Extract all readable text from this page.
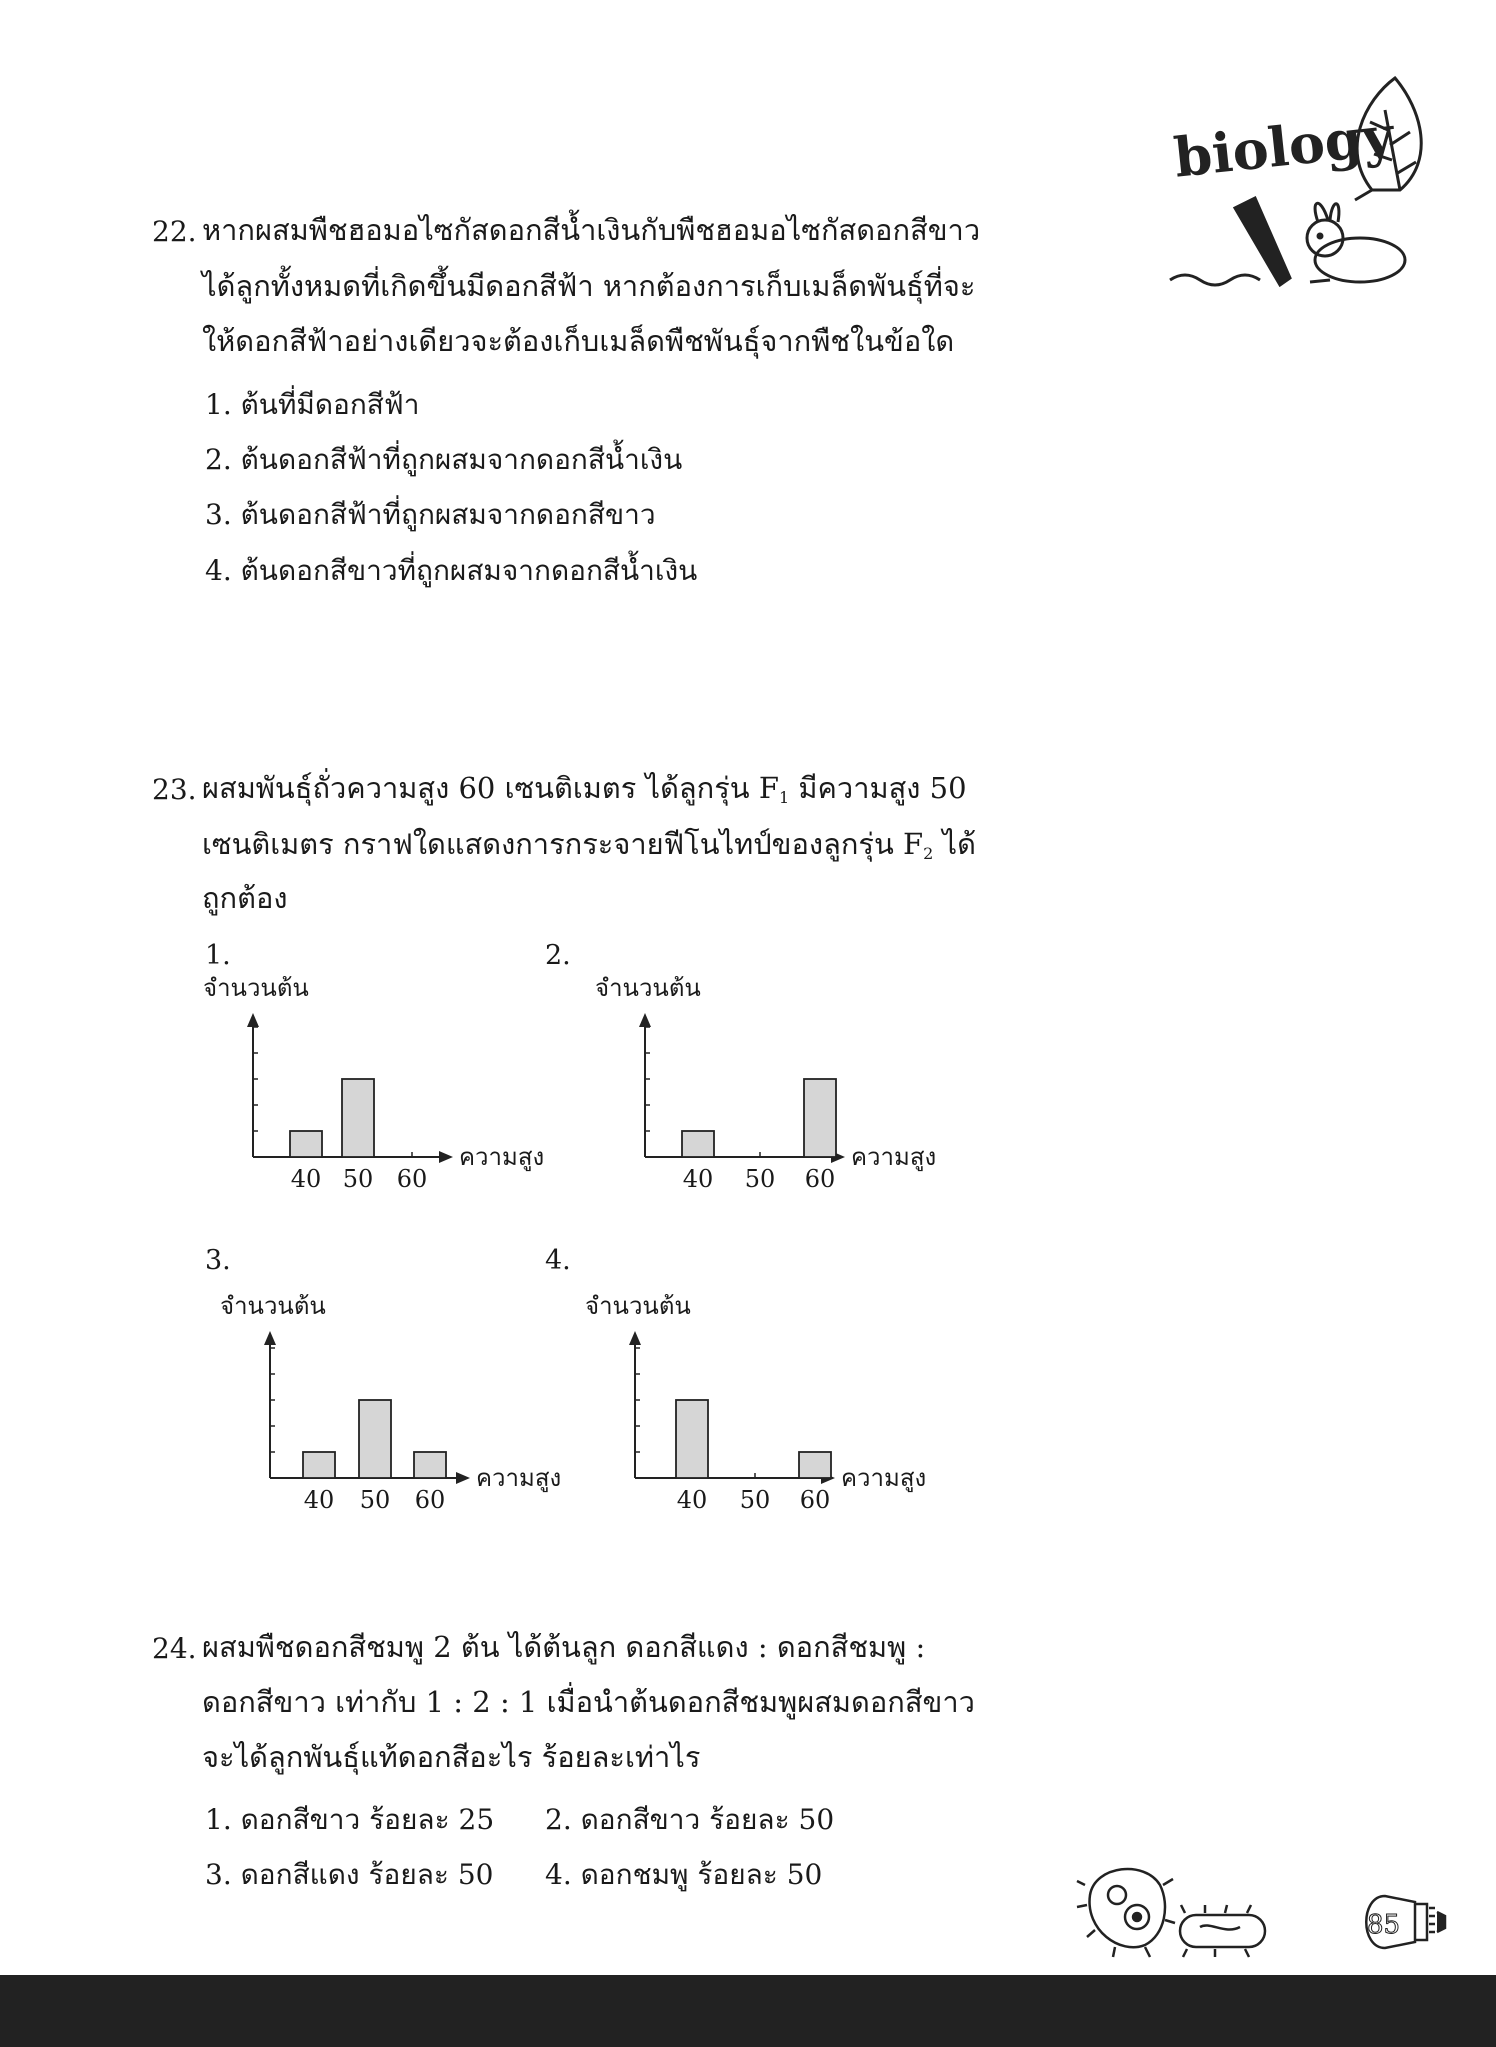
biology
22. หากผสมพืชฮอมอไซกัสดอกสีน้ำเงินกับพืชฮอมอไซกัสดอกสีขาว
ได้ลูกทั้งหมดที่เกิดขึ้นมีดอกสีฟ้า หากต้องการเก็บเมล็ดพันธุ์ที่จะ
ให้ดอกสีฟ้าอย่างเดียวจะต้องเก็บเมล็ดพืชพันธุ์จากพืชในข้อใด
1. ต้นที่มีดอกสีฟ้า
2. ต้นดอกสีฟ้าที่ถูกผสมจากดอกสีน้ำเงิน
3. ต้นดอกสีฟ้าที่ถูกผสมจากดอกสีขาว
4. ต้นดอกสีขาวที่ถูกผสมจากดอกสีน้ำเงิน
23. ผสมพันธุ์ถั่วความสูง 60 เซนติเมตร ได้ลูกรุ่น $F_1$ มีความสูง 50
เซนติเมตร กราฟใดแสดงการกระจายฟีโนไทป์ของลูกรุ่น $F_2$ ได้
ถูกต้อง
1.	2.
3.	4.
จำนวนต้น
ความสูง
40 50 60
จำนวนต้น
ความสูง
40 50 60
จำนวนต้น
ความสูง
40 50 60
จำนวนต้น
ความสูง
40 50 60
24. ผสมพืชดอกสีชมพู 2 ต้น ได้ต้นลูก ดอกสีแดง : ดอกสีชมพู :
ดอกสีขาว เท่ากับ 1 : 2 : 1 เมื่อนำต้นดอกสีชมพูผสมดอกสีขาว
จะได้ลูกพันธุ์แท้ดอกสีอะไร ร้อยละเท่าไร
1. ดอกสีขาว ร้อยละ 25 2. ดอกสีขาว ร้อยละ 50
3. ดอกสีแดง ร้อยละ 50 4. ดอกชมพู ร้อยละ 50
85
